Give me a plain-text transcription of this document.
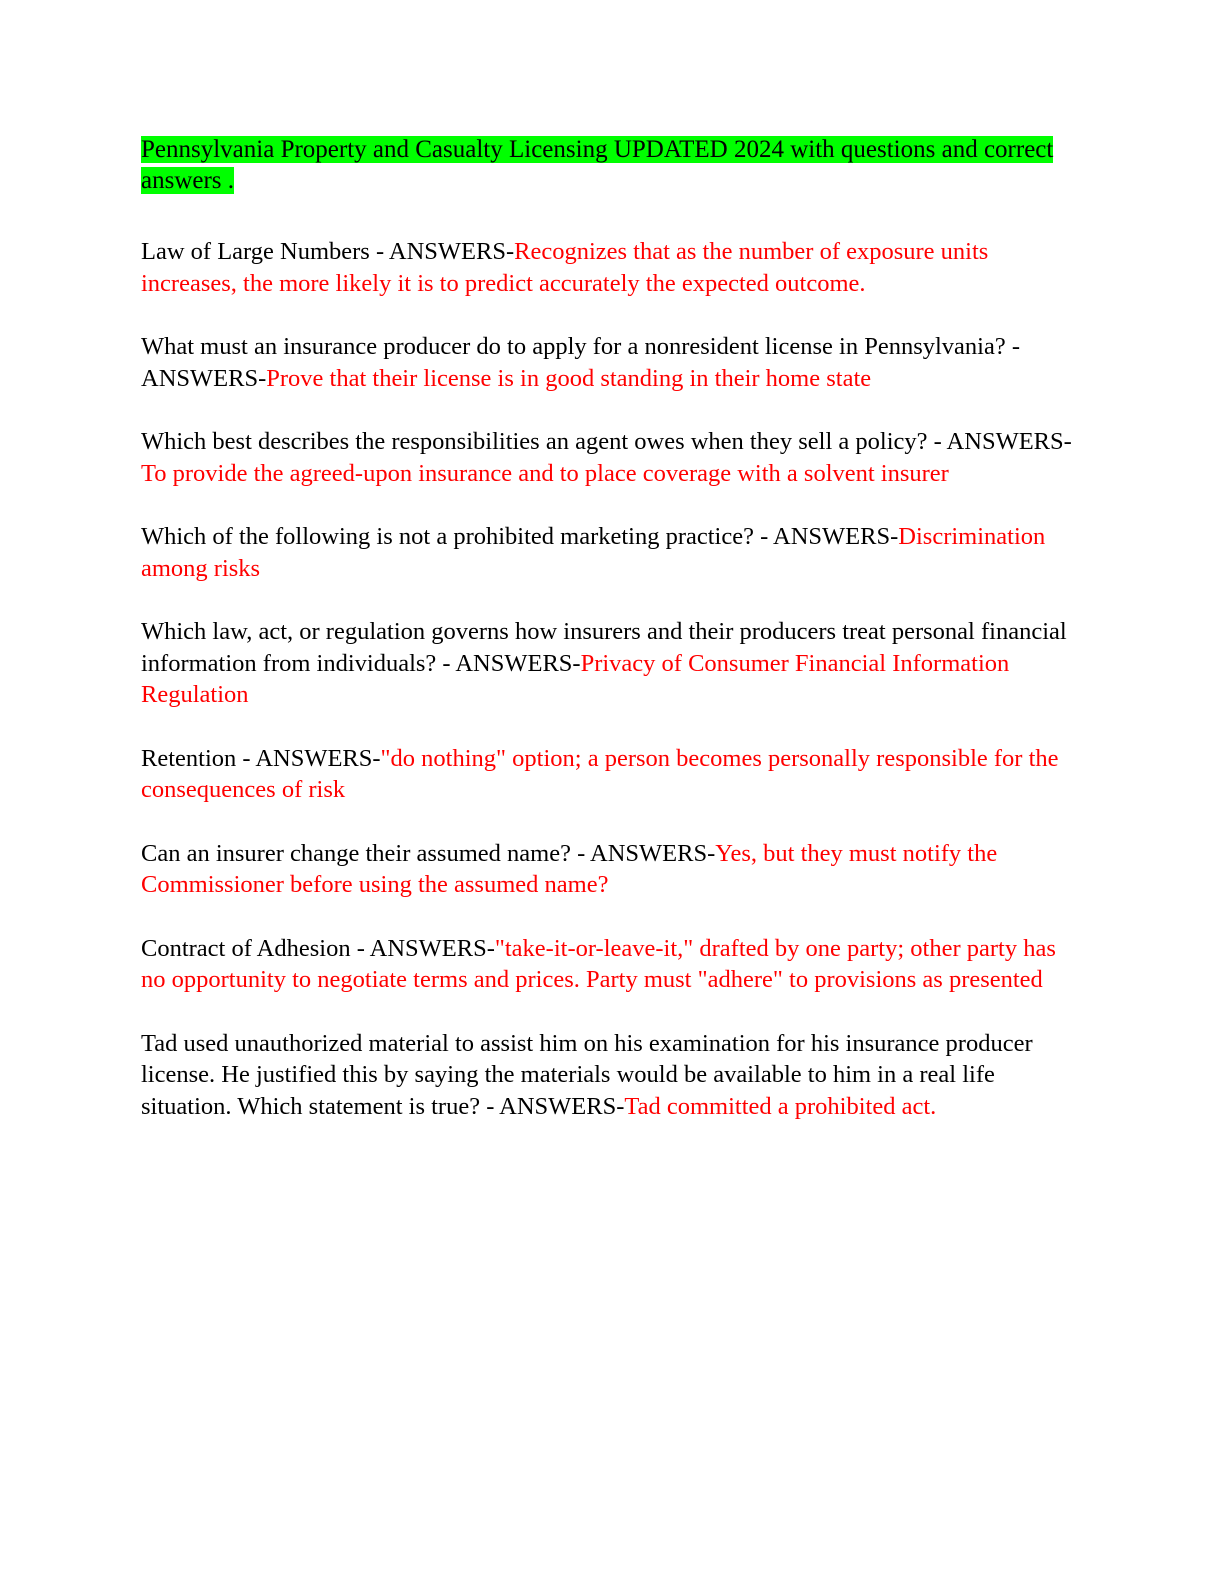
Pennsylvania Property and Casualty Licensing UPDATED 2024 with questions and correct answers .

Law of Large Numbers - ANSWERS-Recognizes that as the number of exposure units increases, the more likely it is to predict accurately the expected outcome.

What must an insurance producer do to apply for a nonresident license in Pennsylvania? - ANSWERS-Prove that their license is in good standing in their home state

Which best describes the responsibilities an agent owes when they sell a policy? - ANSWERS-To provide the agreed-upon insurance and to place coverage with a solvent insurer

Which of the following is not a prohibited marketing practice? - ANSWERS-Discrimination among risks

Which law, act, or regulation governs how insurers and their producers treat personal financial information from individuals? - ANSWERS-Privacy of Consumer Financial Information Regulation

Retention - ANSWERS-"do nothing" option; a person becomes personally responsible for the consequences of risk

Can an insurer change their assumed name? - ANSWERS-Yes, but they must notify the Commissioner before using the assumed name?

Contract of Adhesion - ANSWERS-"take-it-or-leave-it," drafted by one party; other party has no opportunity to negotiate terms and prices. Party must "adhere" to provisions as presented

Tad used unauthorized material to assist him on his examination for his insurance producer license. He justified this by saying the materials would be available to him in a real life situation. Which statement is true? - ANSWERS-Tad committed a prohibited act.
